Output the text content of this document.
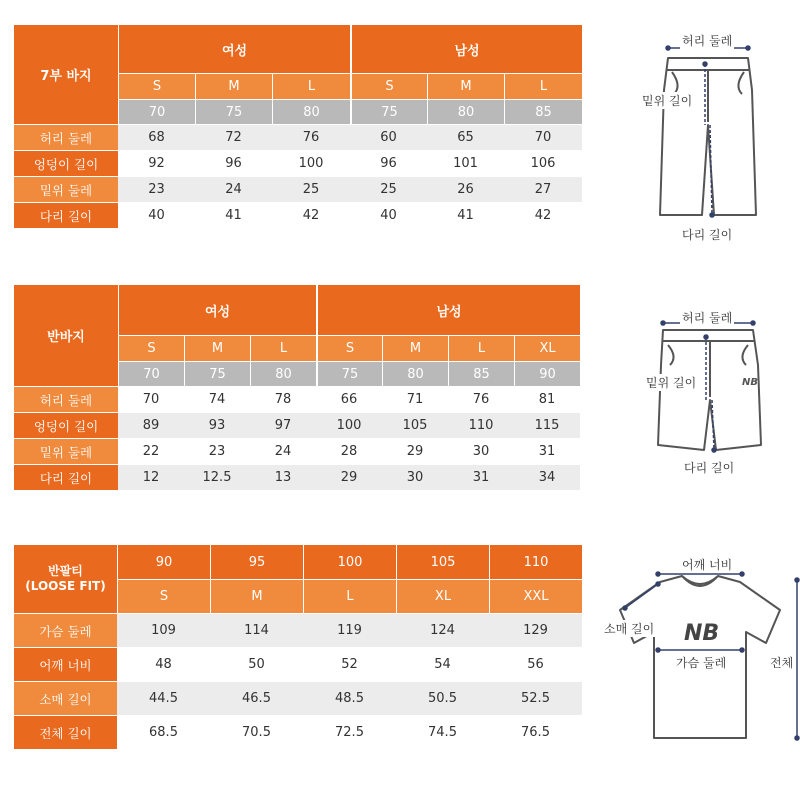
7부 바지	여성			남성		
	S	M	L	S	M	L
	70	75	80	75	80	85
허리 둘레	68	72	76	60	65	70
엉덩이 길이	92	96	100	96	101	106
밑위 둘레	23	24	25	25	26	27
다리 길이	40	41	42	40	41	42
반바지	여성			남성			
	S	M	L	S	M	L	XL
	70	75	80	75	80	85	90
허리 둘레	70	74	78	66	71	76	81
엉덩이 길이	89	93	97	100	105	110	115
밑위 둘레	22	23	24	28	29	30	31
다리 길이	12	12.5	13	29	30	31	34
반팔티
(LOOSE FIT)	90	95	100	105	110
	S	M	L	XL	XXL
가슴 둘레	109	114	119	124	129
어깨 너비	48	50	52	54	56
소매 길이	44.5	46.5	48.5	50.5	52.5
전체 길이	68.5	70.5	72.5	74.5	76.5
허리 둘레
밑위 길이
다리 길이
NB
허리 둘레
밑위 길이
다리 길이
NB
어깨 너비
소매 길이
가슴 둘레	전체
